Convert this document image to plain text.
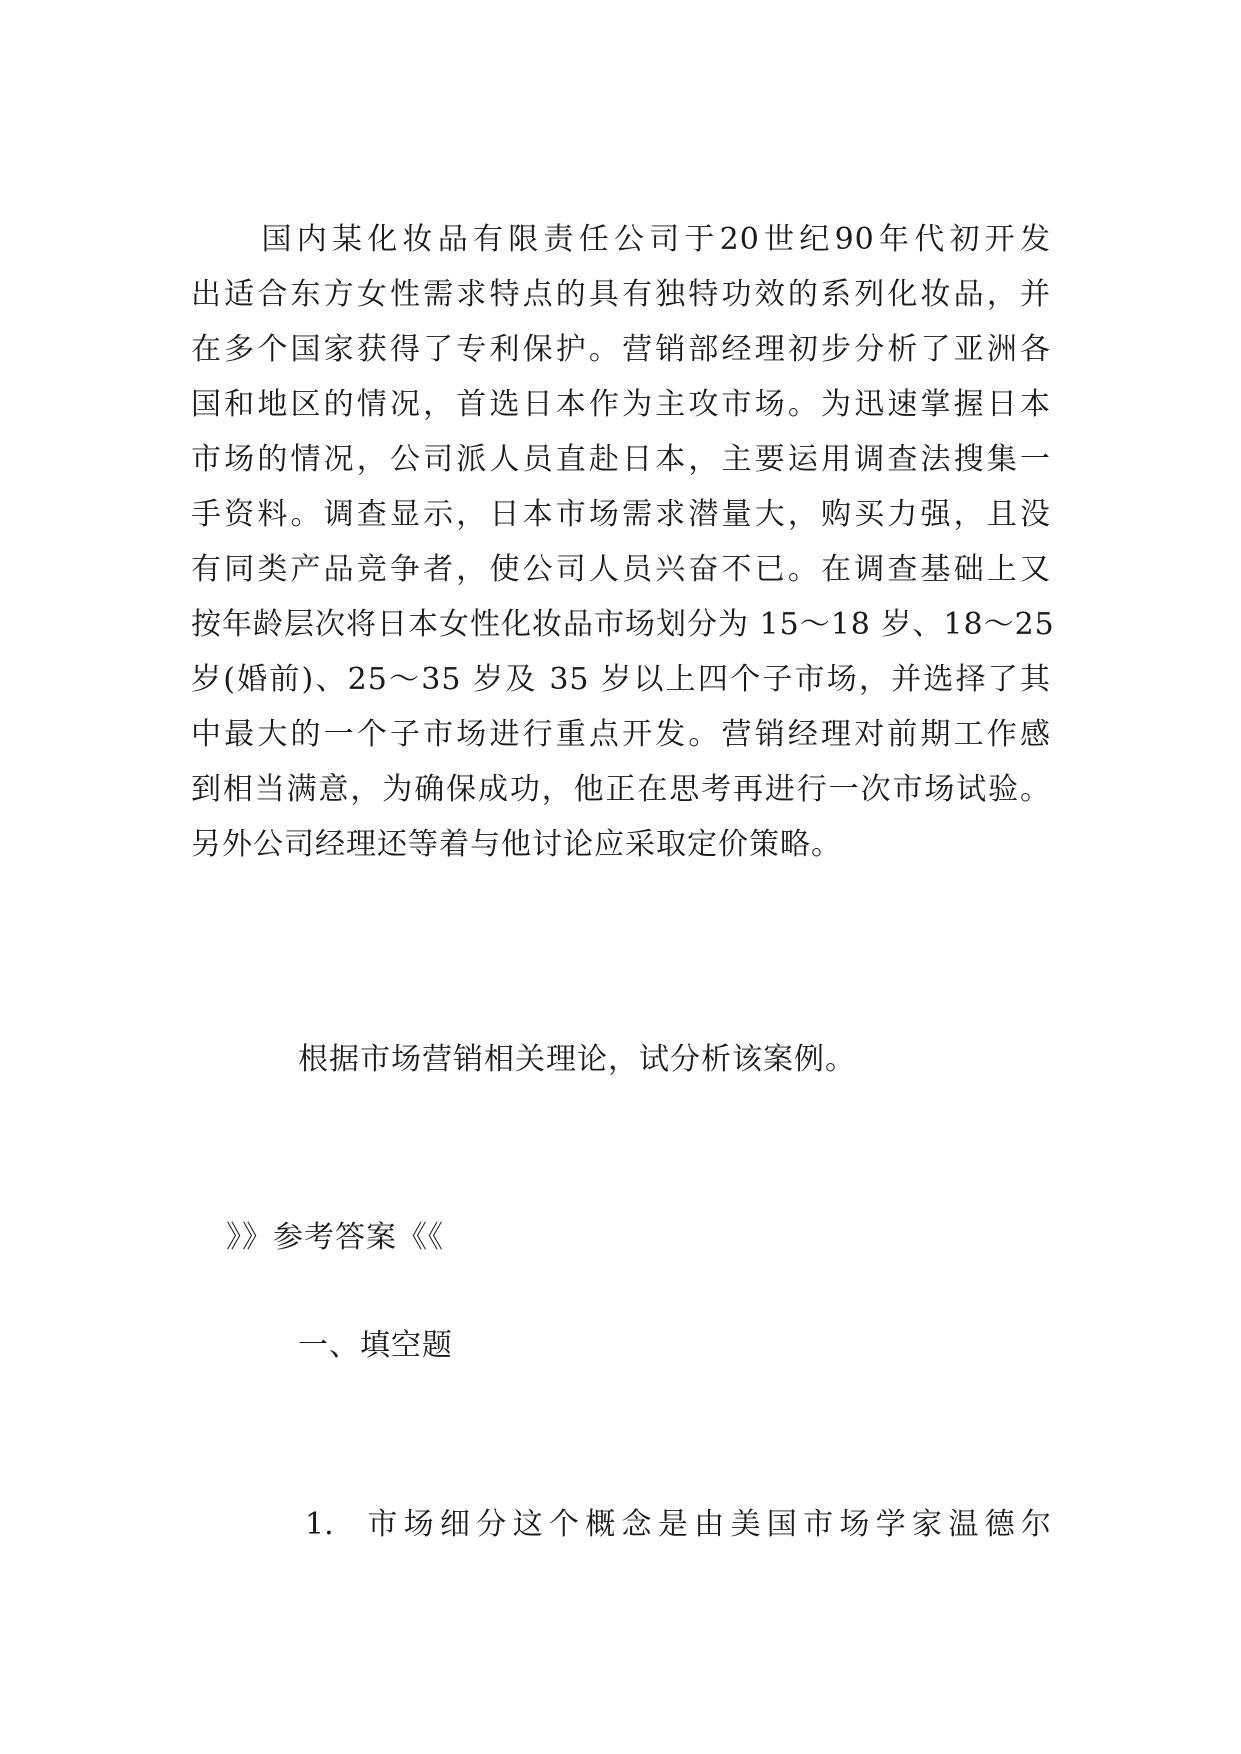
　　国内某化妆品有限责任公司于20世纪90年代初开发
出适合东方女性需求特点的具有独特功效的系列化妆品，并
在多个国家获得了专利保护。营销部经理初步分析了亚洲各
国和地区的情况，首选日本作为主攻市场。为迅速掌握日本
市场的情况，公司派人员直赴日本，主要运用调查法搜集一
手资料。调查显示，日本市场需求潜量大，购买力强，且没
有同类产品竞争者，使公司人员兴奋不已。在调查基础上又
按年龄层次将日本女性化妆品市场划分为 15～18 岁、18～25
岁(婚前)、25～35 岁及 35 岁以上四个子市场，并选择了其
中最大的一个子市场进行重点开发。营销经理对前期工作感
到相当满意，为确保成功，他正在思考再进行一次市场试验。
另外公司经理还等着与他讨论应采取定价策略。
根据市场营销相关理论，试分析该案例。
》》参考答案《《
一、填空题
1. 市场细分这个概念是由美国市场学家温德尔
